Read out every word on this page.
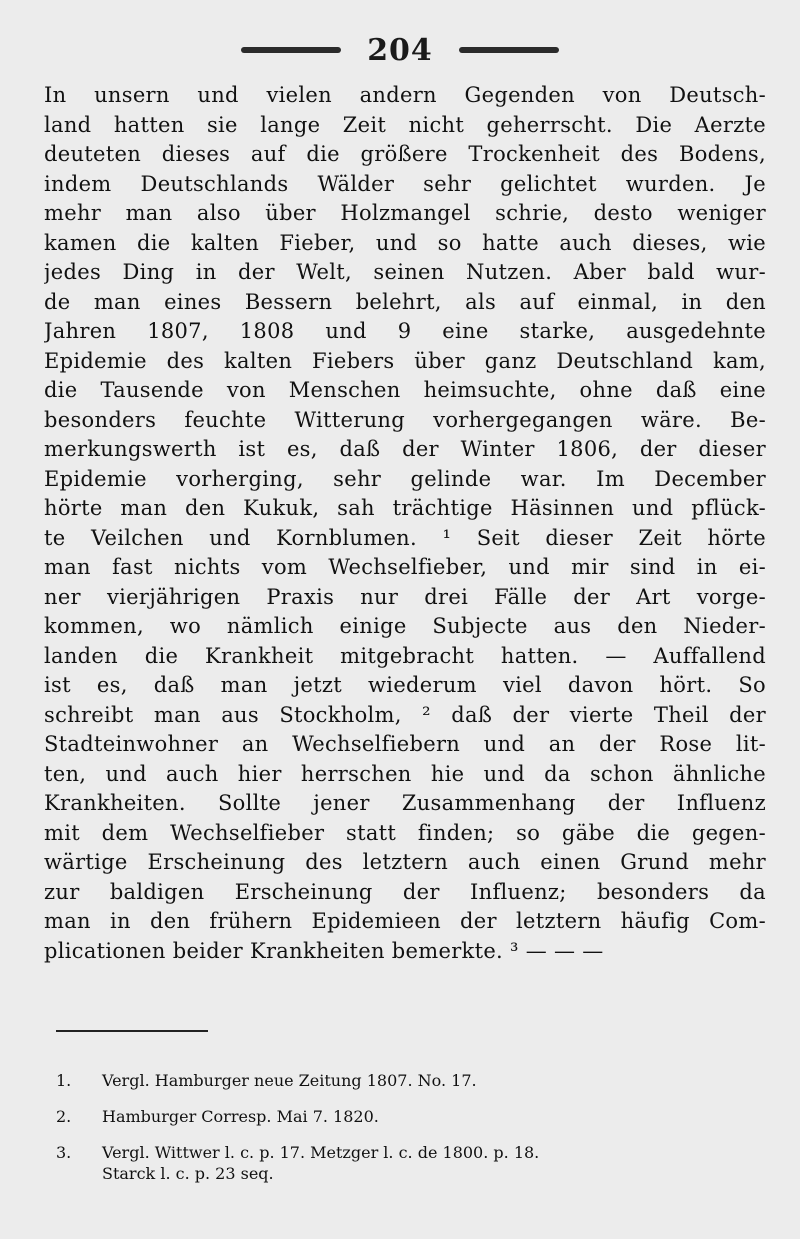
204
In unsern und vielen andern Gegenden von Deutsch-
land hatten sie lange Zeit nicht geherrscht. Die Aerzte
deuteten dieses auf die größere Trockenheit des Bodens,
indem Deutschlands Wälder sehr gelichtet wurden. Je
mehr man also über Holzmangel schrie, desto weniger
kamen die kalten Fieber, und so hatte auch dieses, wie
jedes Ding in der Welt, seinen Nutzen. Aber bald wur-
de man eines Bessern belehrt, als auf einmal, in den
Jahren 1807, 1808 und 9 eine starke, ausgedehnte
Epidemie des kalten Fiebers über ganz Deutschland kam,
die Tausende von Menschen heimsuchte, ohne daß eine
besonders feuchte Witterung vorhergegangen wäre. Be-
merkungswerth ist es, daß der Winter 1806, der dieser
Epidemie vorherging, sehr gelinde war. Im December
hörte man den Kukuk, sah trächtige Häsinnen und pflück-
te Veilchen und Kornblumen. ¹ Seit dieser Zeit hörte
man fast nichts vom Wechselfieber, und mir sind in ei-
ner vierjährigen Praxis nur drei Fälle der Art vorge-
kommen, wo nämlich einige Subjecte aus den Nieder-
landen die Krankheit mitgebracht hatten. — Auffallend
ist es, daß man jetzt wiederum viel davon hört. So
schreibt man aus Stockholm, ² daß der vierte Theil der
Stadteinwohner an Wechselfiebern und an der Rose lit-
ten, und auch hier herrschen hie und da schon ähnliche
Krankheiten. Sollte jener Zusammenhang der Influenz
mit dem Wechselfieber statt finden; so gäbe die gegen-
wärtige Erscheinung des letztern auch einen Grund mehr
zur baldigen Erscheinung der Influenz; besonders da
man in den frühern Epidemieen der letztern häufig Com-
plicationen beider Krankheiten bemerkte. ³ — — —
1.	Vergl. Hamburger neue Zeitung 1807. No. 17.
2.	Hamburger Corresp. Mai 7. 1820.
3.	Vergl. Wittwer l. c. p. 17. Metzger l. c. de 1800. p. 18.
Starck l. c. p. 23 seq.
